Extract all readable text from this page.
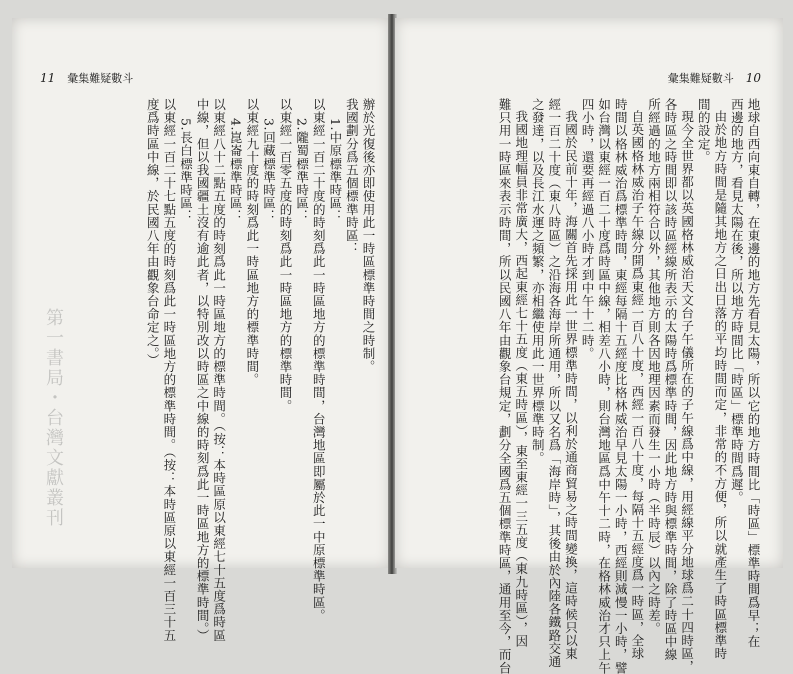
11 彙集難疑數斗
辦於光復後亦即使用此一時區標準時間之時制。
我國劃分爲五個標準時區：
1.中原標準時區：
以東經一百二十度的時刻爲此一時區地方的標準時間，台灣地區即屬於此一中原標準時區。
2.隴蜀標準時區：
以東經一百零五度的時刻爲此一時區地方的標準時間。
3.回藏標準時區：
以東經九十度的時刻爲此一時區地方的標準時間。
4.崑崙標準時區：
以東經八十二點五度的時刻爲此一時區地方的標準時間。（按：本時區原以東經七十五度爲時區
中線，但以我國疆土沒有逾此者，以特別改以時區之中線的時刻爲此一時區地方的標準時間。）
5.長白標準時區：
以東經一百二十七點五度的時刻爲此一時區地方的標準時間。（按：本時區原以東經一百三十五
度爲時區中線，於民國八年由觀象台命定之。）
第一書局・台灣文獻叢刊
彙集難疑數斗 10
地球自西向東自轉，在東邊的地方先看見太陽，所以它的地方時間比「時區」標準時間爲早；在
西邊的地方，看見太陽在後，所以地方時間比「時區」標準時間爲遲。
由於地方時間是隨其地方之日出日落的平均時間而定，非常的不方便，所以就產生了時區標準時
間的設定。
現今全世界都以英國格林威治天文台子午儀所在的子午線爲中線，用經線平分地球爲二十四時區，
各時區之時間即以該時區經線所表示的太陽時爲標準時間，因此地方時與標準時間，除了時區中線
所經過的地方兩相符合以外，其他地方則各因地理因素而發生一小時（半時辰）以內之時差。
自英國格林威治子午線分開爲東經一百八十度，西經一百八十度，每隔十五經度爲一時區，全球
時間以格林威治爲標準時間，東經每隔十五經度比格林威治早見太陽一小時，西經則減慢一小時，譬
如台灣以東經一百二十度爲時區中線，相差八小時，則台灣地區爲中午十二時，在格林威治才只上午
四小時，還要再經過八小時才到中午十二時。
我國於民前十年，海關首先採用此一世界標準時間，以利於通商貿易之時間變換，這時候只以東
經一百二十度（東八時區）之沿海各海岸所通用，所以又名爲「海岸時」，其後由於內陸各鐵路交通
之發達，以及長江水運之頻繁，亦相繼使用此一世界標準時制。
我國地理幅員非常廣大，西起東經七十五度（東五時區），東至東經一三五度（東九時區），因
難只用一時區來表示時間，所以民國八年由觀象台規定，劃分全國爲五個標準時區，通用至今，而台
